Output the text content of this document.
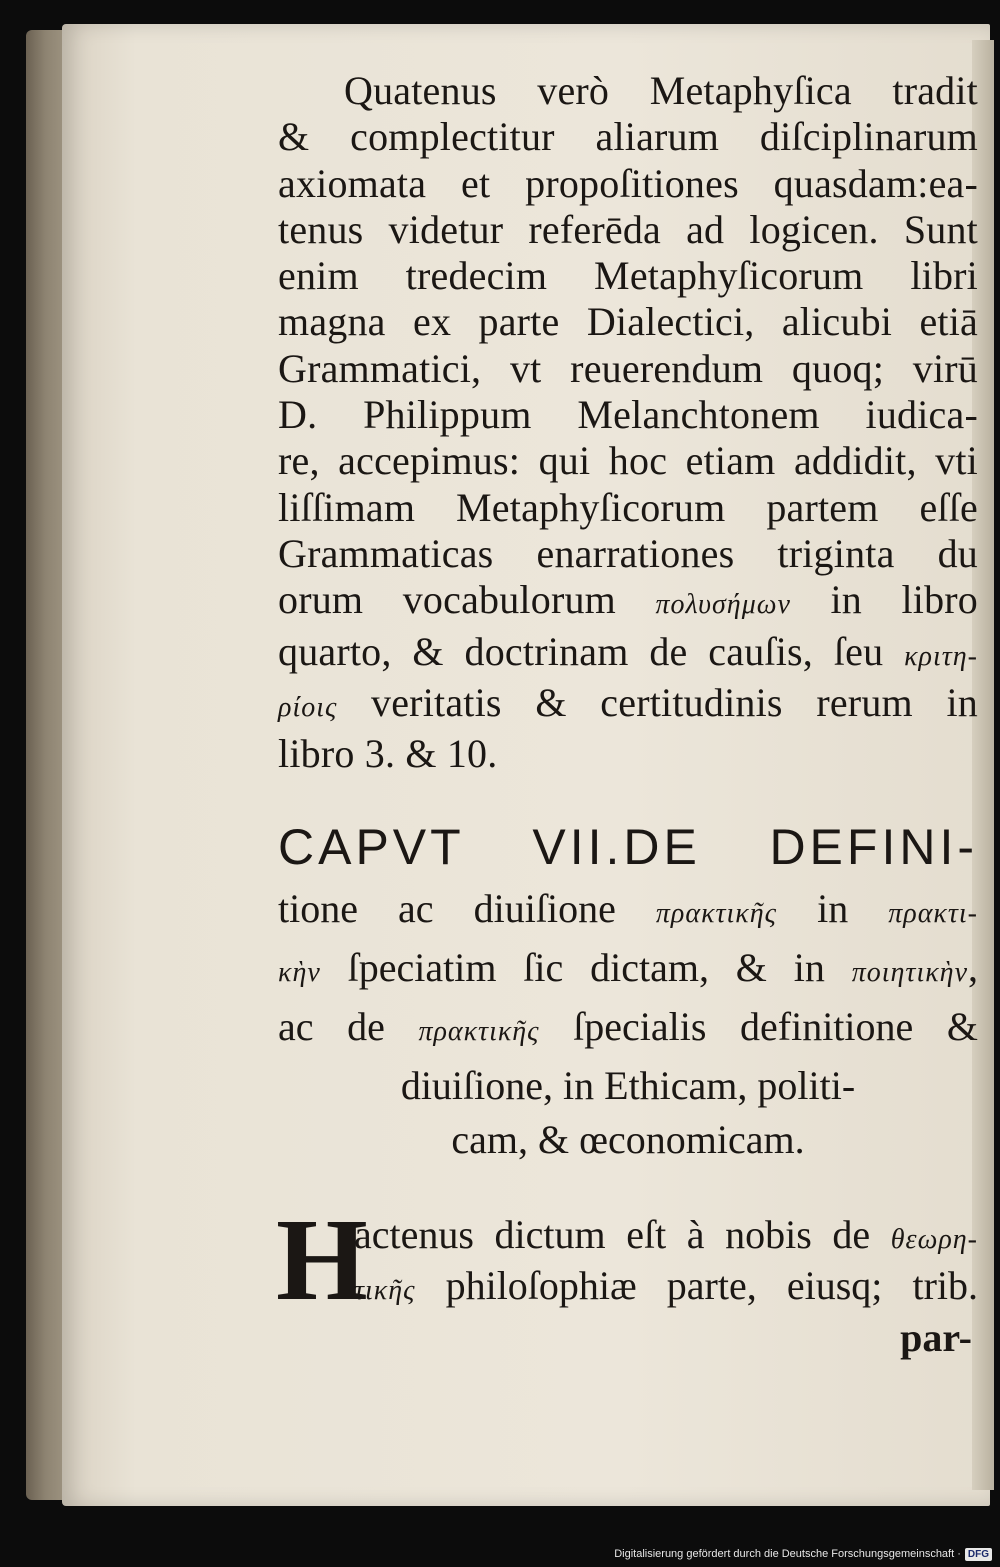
Quatenus verò Metaphyſica tradit
& complectitur aliarum diſciplinarum
axiomata et propoſitiones quasdam:ea-
tenus videtur referēda ad logicen. Sunt
enim tredecim Metaphyſicorum libri
magna ex parte Dialectici, alicubi etiā
Grammatici, vt reuerendum quoq; virū
D. Philippum Melanchtonem iudica-
re, accepimus: qui hoc etiam addidit, vti
liſſimam Metaphyſicorum partem eſſe
Grammaticas enarrationes triginta du
orum vocabulorum πολυσήμων in libro
quarto, & doctrinam de cauſis, ſeu κριτη-
ρίοις veritatis & certitudinis rerum in
libro 3. & 10.
CAPVT VII.DE DEFINI-
tione ac diuiſione πρακτικῆς in πρακτι-
κὴν ſpeciatim ſic dictam, & in ποιητικὴν,
ac de πρακτικῆς ſpecialis definitione &
diuiſione, in Ethicam, politi-
cam, & œconomicam.
H
actenus dictum eſt à nobis de θεωρη-
τικῆς philoſophiæ parte, eiusq; trib.
par-
Digitalisierung gefördert durch die Deutsche Forschungsgemeinschaft · DFG
